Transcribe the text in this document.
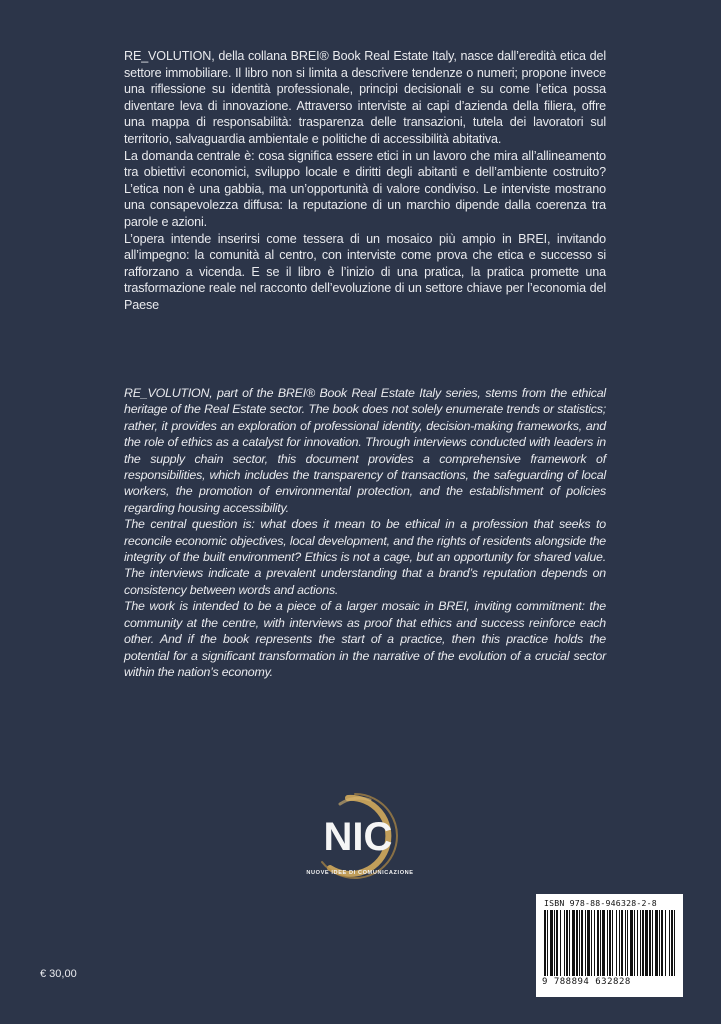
RE_VOLUTION, della collana BREI® Book Real Estate Italy, nasce dall’eredità etica del settore immobiliare. Il libro non si limita a descrivere tendenze o numeri; propone invece una riflessione su identità professionale, principi decisionali e su come l’etica possa diventare leva di innovazione. Attraverso interviste ai capi d’azienda della filiera, offre una mappa di responsabilità: trasparenza delle transazioni, tutela dei lavoratori sul territorio, salvaguardia ambientale e politiche di accessibilità abitativa.

La domanda centrale è: cosa significa essere etici in un lavoro che mira all’allineamento tra obiettivi economici, sviluppo locale e diritti degli abitanti e dell’ambiente costruito? L’etica non è una gabbia, ma un’opportunità di valore condiviso. Le interviste mostrano una consapevolezza diffusa: la reputazione di un marchio dipende dalla coerenza tra parole e azioni.

L’opera intende inserirsi come tessera di un mosaico più ampio in BREI, invitando all’impegno: la comunità al centro, con interviste come prova che etica e successo si rafforzano a vicenda. E se il libro è l’inizio di una pratica, la pratica promette una trasformazione reale nel racconto dell’evoluzione di un settore chiave per l’economia del Paese

RE_VOLUTION, part of the BREI® Book Real Estate Italy series, stems from the ethical heritage of the Real Estate sector. The book does not solely enumerate trends or statistics; rather, it provides an exploration of professional identity, decision-making frameworks, and the role of ethics as a catalyst for innovation. Through interviews conducted with leaders in the supply chain sector, this document provides a comprehensive framework of responsibilities, which includes the transparency of transactions, the safeguarding of local workers, the promotion of environmental protection, and the establishment of policies regarding housing accessibility.

The central question is: what does it mean to be ethical in a profession that seeks to reconcile economic objectives, local development, and the rights of residents alongside the integrity of the built environment? Ethics is not a cage, but an opportunity for shared value. The interviews indicate a prevalent understanding that a brand’s reputation depends on consistency between words and actions.

The work is intended to be a piece of a larger mosaic in BREI, inviting commitment: the community at the centre, with interviews as proof that ethics and success reinforce each other. And if the book represents the start of a practice, then this practice holds the potential for a significant transformation in the narrative of the evolution of a crucial sector within the nation’s economy.

NIC
NUOVE IDEE DI COMUNICAZIONE
€ 30,00
ISBN 978-88-946328-2-8
9 788894 632828
